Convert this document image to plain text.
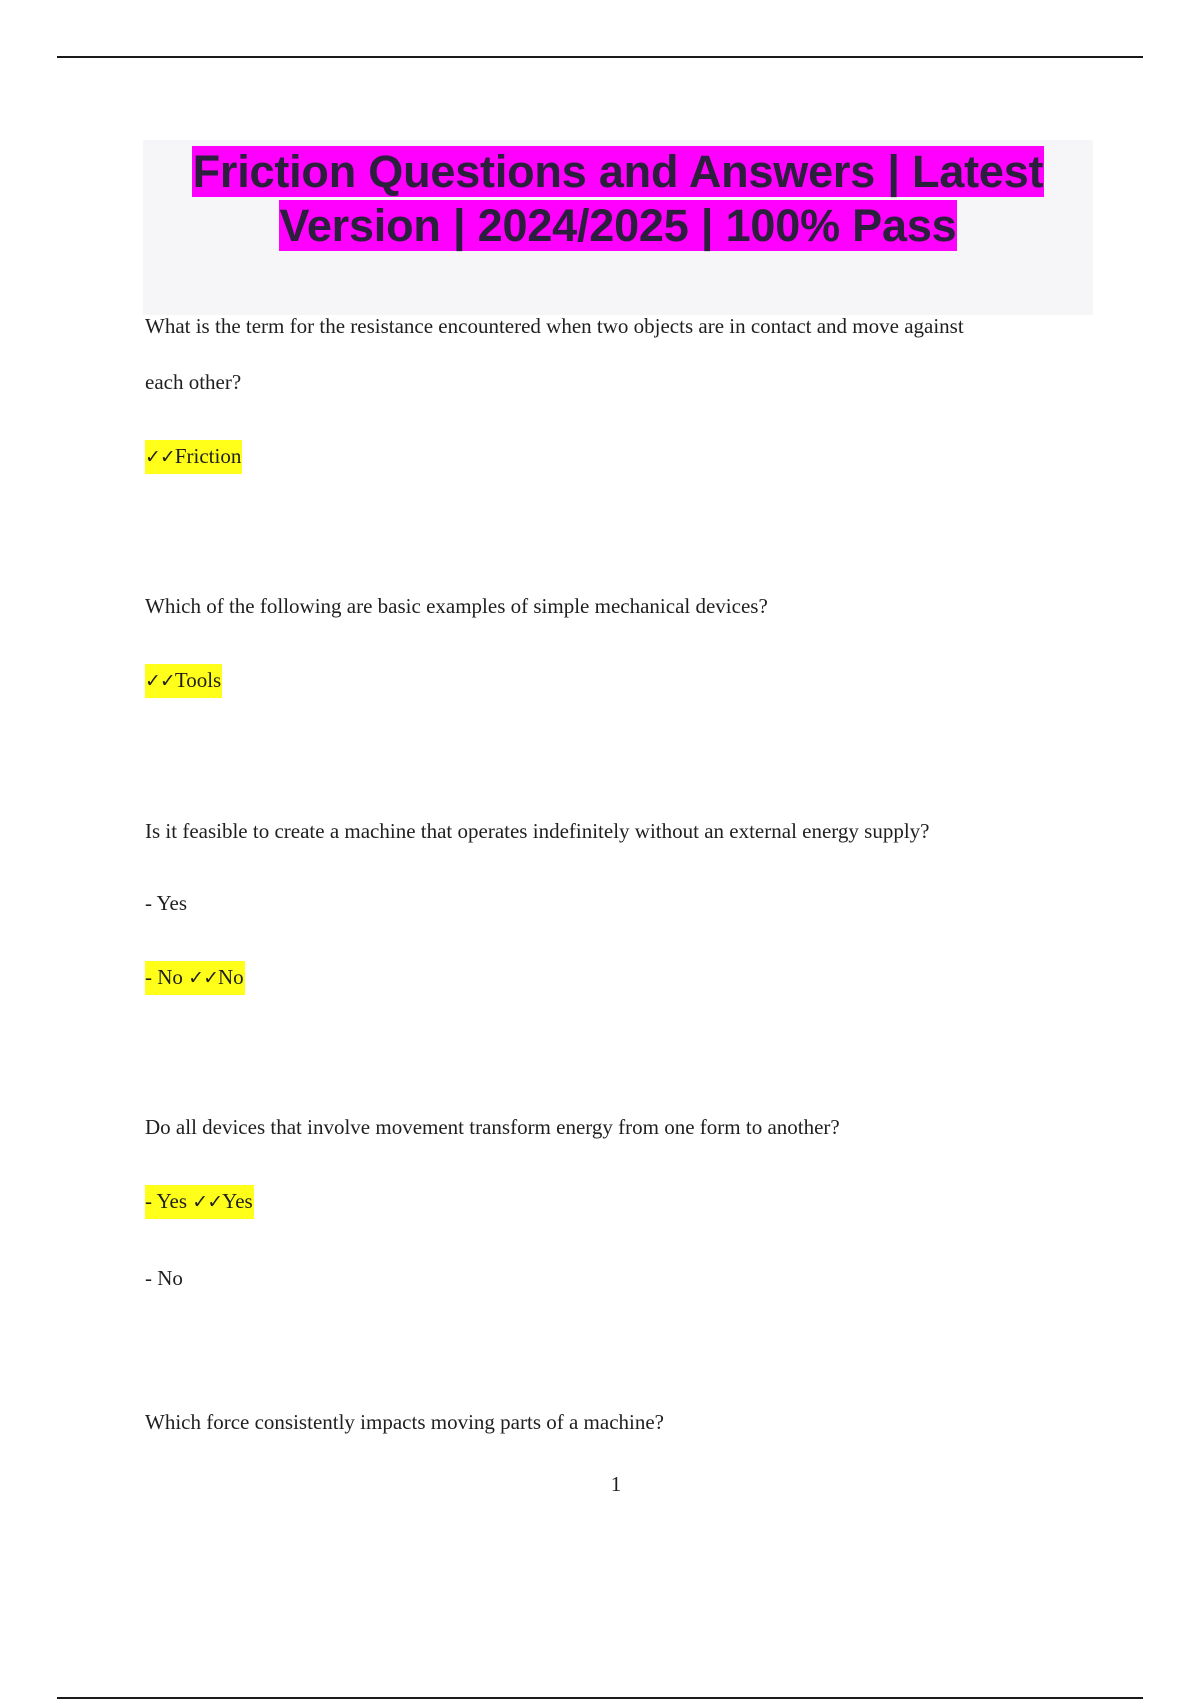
Friction Questions and Answers | Latest
Version | 2024/2025 | 100% Pass
What is the term for the resistance encountered when two objects are in contact and move against
each other?
✓✓Friction
Which of the following are basic examples of simple mechanical devices?
✓✓Tools
Is it feasible to create a machine that operates indefinitely without an external energy supply?
- Yes
- No ✓✓No
Do all devices that involve movement transform energy from one form to another?
- Yes ✓✓Yes
- No
Which force consistently impacts moving parts of a machine?
1
